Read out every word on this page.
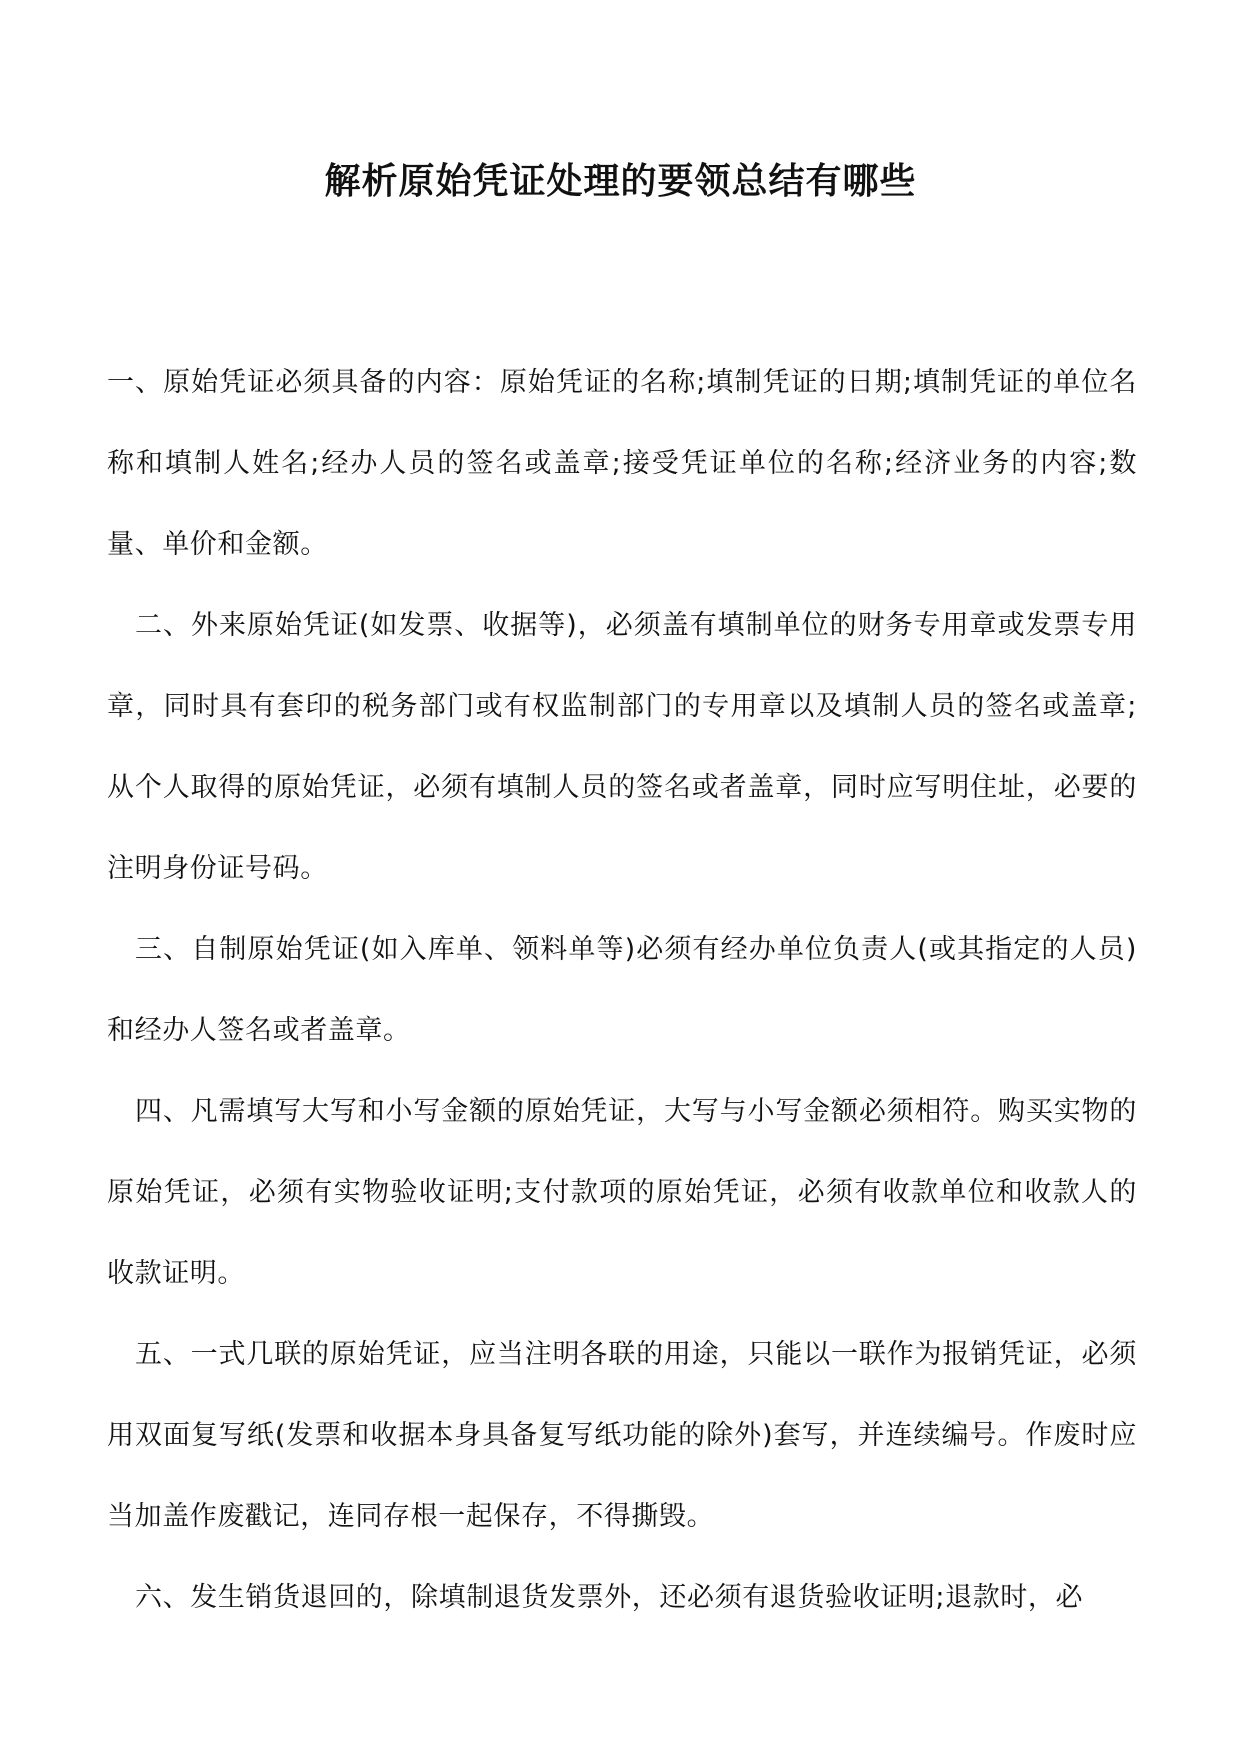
解析原始凭证处理的要领总结有哪些

一、原始凭证必须具备的内容：原始凭证的名称;填制凭证的日期;填制凭证的单位名称和填制人姓名;经办人员的签名或盖章;接受凭证单位的名称;经济业务的内容;数量、单价和金额。

二、外来原始凭证(如发票、收据等)，必须盖有填制单位的财务专用章或发票专用章，同时具有套印的税务部门或有权监制部门的专用章以及填制人员的签名或盖章;从个人取得的原始凭证，必须有填制人员的签名或者盖章，同时应写明住址，必要的注明身份证号码。

三、自制原始凭证(如入库单、领料单等)必须有经办单位负责人(或其指定的人员)和经办人签名或者盖章。

四、凡需填写大写和小写金额的原始凭证，大写与小写金额必须相符。购买实物的原始凭证，必须有实物验收证明;支付款项的原始凭证，必须有收款单位和收款人的收款证明。

五、一式几联的原始凭证，应当注明各联的用途，只能以一联作为报销凭证，必须用双面复写纸(发票和收据本身具备复写纸功能的除外)套写，并连续编号。作废时应当加盖作废戳记，连同存根一起保存，不得撕毁。

六、发生销货退回的，除填制退货发票外，还必须有退货验收证明;退款时，必
